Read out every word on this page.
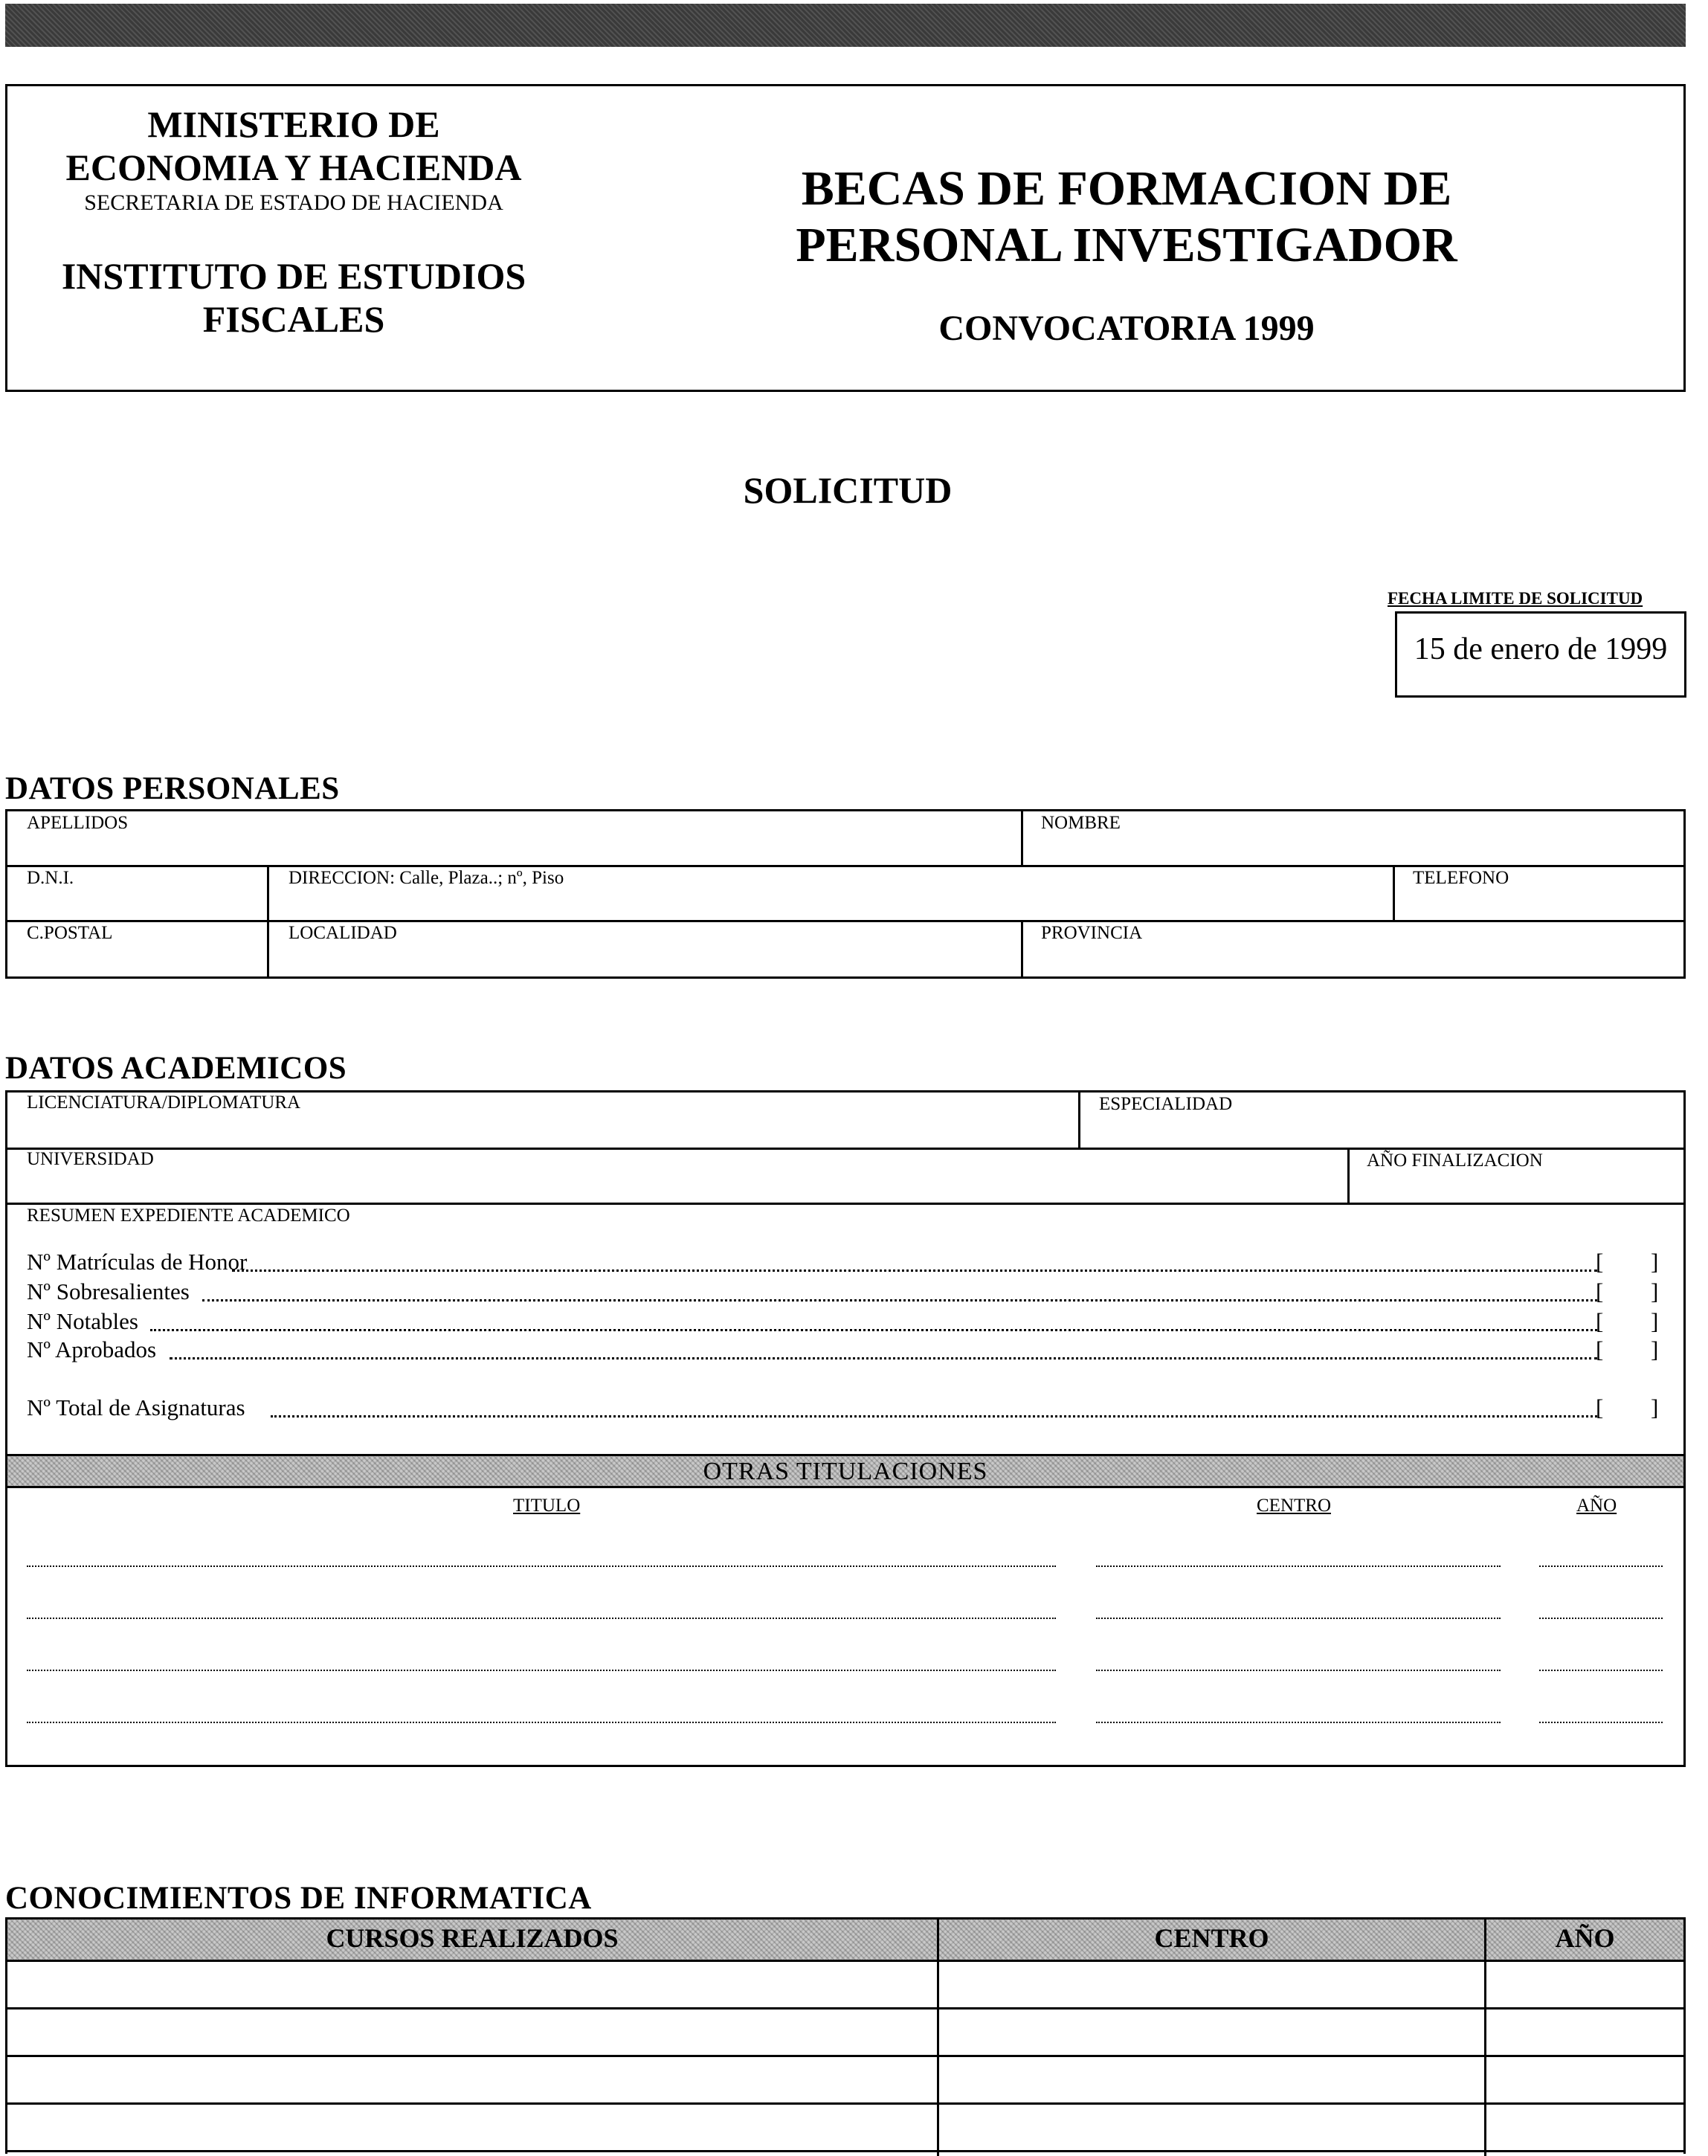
MINISTERIO DE
ECONOMIA Y HACIENDA
SECRETARIA DE ESTADO DE HACIENDA
INSTITUTO DE ESTUDIOS
FISCALES
BECAS DE FORMACION DE
PERSONAL INVESTIGADOR
CONVOCATORIA 1999
SOLICITUD
FECHA LIMITE DE SOLICITUD
15 de enero de 1999
DATOS PERSONALES
APELLIDOS	NOMBRE
D.N.I.	DIRECCION: Calle, Plaza..; nº, Piso	TELEFONO
C.POSTAL	LOCALIDAD	PROVINCIA
DATOS ACADEMICOS
LICENCIATURA/DIPLOMATURA	ESPECIALIDAD
UNIVERSIDAD	AÑO FINALIZACION
RESUMEN EXPEDIENTE ACADEMICO
Nº Matrículas de Honor	[ ]
Nº Sobresalientes	[ ]
Nº Notables	[ ]
Nº Aprobados	[ ]
Nº Total de Asignaturas	[ ]
OTRAS TITULACIONES
TITULO	CENTRO	AÑO
CONOCIMIENTOS DE INFORMATICA
CURSOS REALIZADOS	CENTRO	AÑO
